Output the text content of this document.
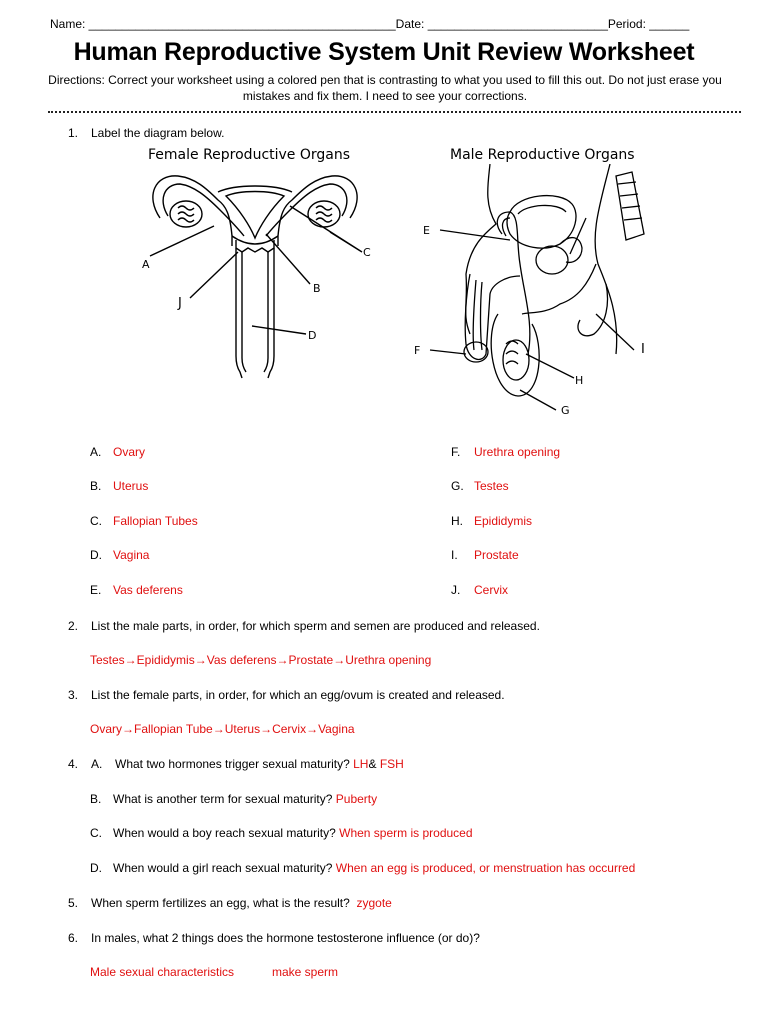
Name: ______________________________________________Date: ___________________________Period: ______
Human Reproductive System Unit Review Worksheet
Directions: Correct your worksheet using a colored pen that is contrasting to what you used to fill this out. Do not just erase you mistakes and fix them. I need to see your corrections.
1.	Label the diagram below.
Female Reproductive Organs
A
B
C
D
J
Male Reproductive Organs
E
F
G
H
I
A. Ovary
B. Uterus
C. Fallopian Tubes
D. Vagina
E. Vas deferens
F. Urethra opening
G. Testes
H. Epididymis
I. Prostate
J. Cervix
2.	List the male parts, in order, for which sperm and semen are produced and released.
Testes→Epididymis→Vas deferens→Prostate→Urethra opening
3.	List the female parts, in order, for which an egg/ovum is created and released.
Ovary→Fallopian Tube→Uterus→Cervix→Vagina
4.	A. What two hormones trigger sexual maturity? LH& FSH
B. What is another term for sexual maturity? Puberty
C. When would a boy reach sexual maturity? When sperm is produced
D. When would a girl reach sexual maturity? When an egg is produced, or menstruation has occurred
5.	When sperm fertilizes an egg, what is the result? zygote
6.	In males, what 2 things does the hormone testosterone influence (or do)?
Male sexual characteristics	make sperm
